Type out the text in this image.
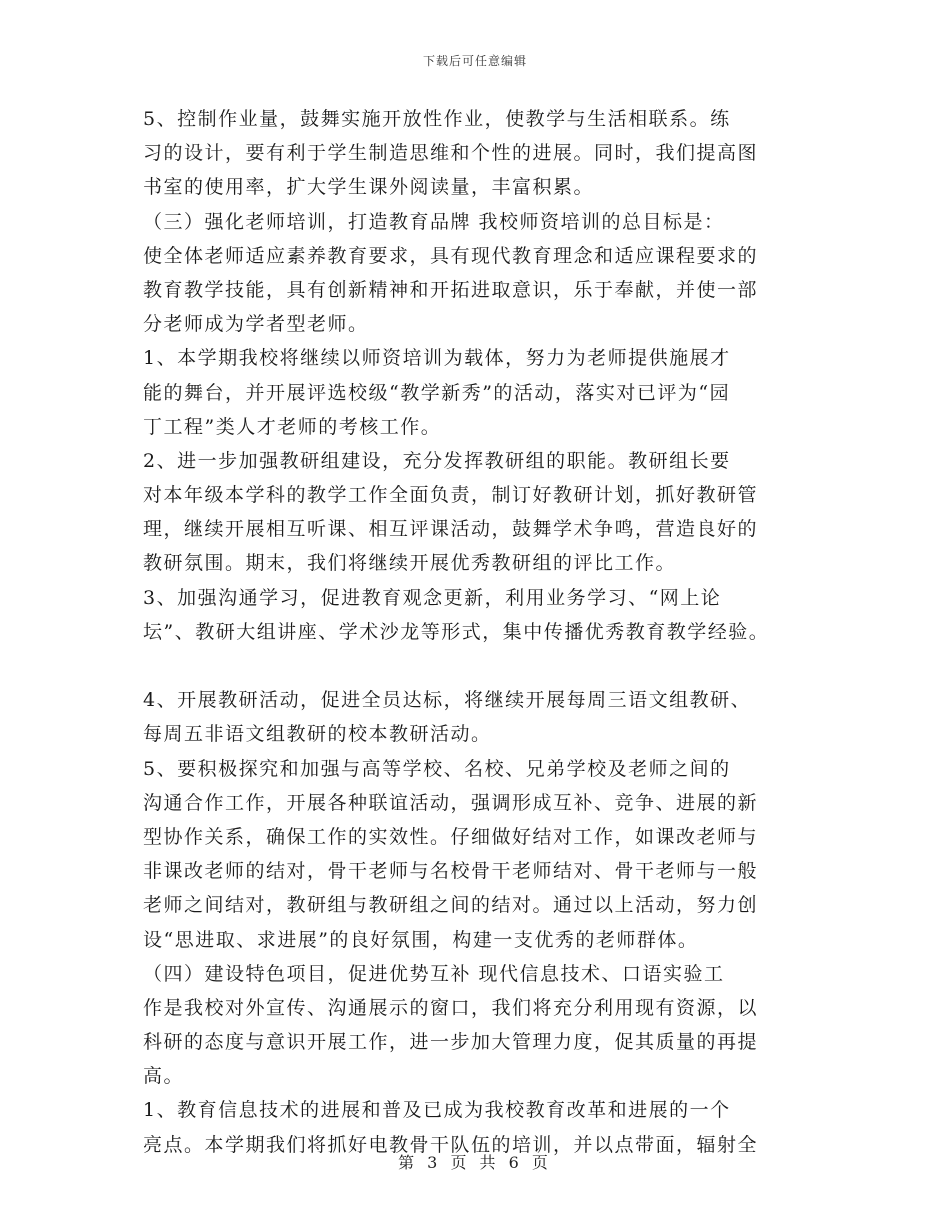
下载后可任意编辑
5、控制作业量，鼓舞实施开放性作业，使教学与生活相联系。练
习的设计，要有利于学生制造思维和个性的进展。同时，我们提高图
书室的使用率，扩大学生课外阅读量，丰富积累。
（三）强化老师培训，打造教育品牌 我校师资培训的总目标是：
使全体老师适应素养教育要求，具有现代教育理念和适应课程要求的
教育教学技能，具有创新精神和开拓进取意识，乐于奉献，并使一部
分老师成为学者型老师。
1、本学期我校将继续以师资培训为载体，努力为老师提供施展才
能的舞台，并开展评选校级“教学新秀”的活动，落实对已评为“园
丁工程”类人才老师的考核工作。
2、进一步加强教研组建设，充分发挥教研组的职能。教研组长要
对本年级本学科的教学工作全面负责，制订好教研计划，抓好教研管
理，继续开展相互听课、相互评课活动，鼓舞学术争鸣，营造良好的
教研氛围。期末，我们将继续开展优秀教研组的评比工作。
3、加强沟通学习，促进教育观念更新，利用业务学习、“网上论
坛”、教研大组讲座、学术沙龙等形式，集中传播优秀教育教学经验。
4、开展教研活动，促进全员达标，将继续开展每周三语文组教研、
每周五非语文组教研的校本教研活动。
5、要积极探究和加强与高等学校、名校、兄弟学校及老师之间的
沟通合作工作，开展各种联谊活动，强调形成互补、竞争、进展的新
型协作关系，确保工作的实效性。仔细做好结对工作，如课改老师与
非课改老师的结对，骨干老师与名校骨干老师结对、骨干老师与一般
老师之间结对，教研组与教研组之间的结对。通过以上活动，努力创
设“思进取、求进展”的良好氛围，构建一支优秀的老师群体。
（四）建设特色项目，促进优势互补 现代信息技术、口语实验工
作是我校对外宣传、沟通展示的窗口，我们将充分利用现有资源，以
科研的态度与意识开展工作，进一步加大管理力度，促其质量的再提
高。
1、教育信息技术的进展和普及已成为我校教育改革和进展的一个
亮点。本学期我们将抓好电教骨干队伍的培训，并以点带面，辐射全
第 3 页 共 6 页
